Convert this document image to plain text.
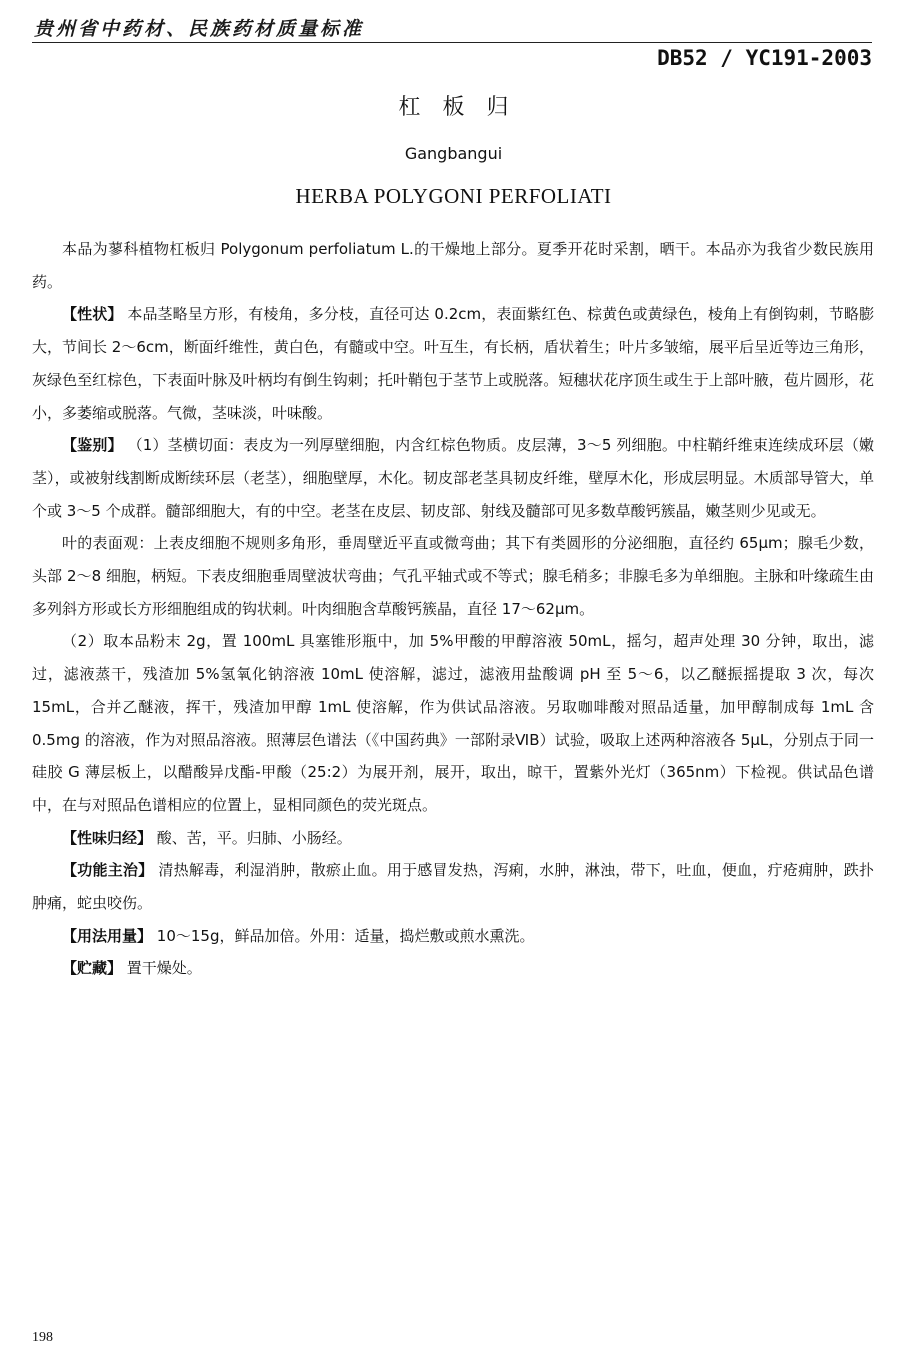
贵州省中药材、民族药材质量标准
DB52 / YC191-2003
杠板归
Gangbangui
HERBA POLYGONI PERFOLIATI

本品为蓼科植物杠板归 Polygonum perfoliatum L.的干燥地上部分。夏季开花时采割，晒干。本品亦为我省少数民族用药。

【性状】 本品茎略呈方形，有棱角，多分枝，直径可达 0.2cm，表面紫红色、棕黄色或黄绿色，棱角上有倒钩刺，节略膨大，节间长 2～6cm，断面纤维性，黄白色，有髓或中空。叶互生，有长柄，盾状着生；叶片多皱缩，展平后呈近等边三角形，灰绿色至红棕色，下表面叶脉及叶柄均有倒生钩刺；托叶鞘包于茎节上或脱落。短穗状花序顶生或生于上部叶腋，苞片圆形，花小，多萎缩或脱落。气微，茎味淡，叶味酸。

【鉴别】 （1）茎横切面：表皮为一列厚壁细胞，内含红棕色物质。皮层薄，3～5 列细胞。中柱鞘纤维束连续成环层（嫩茎），或被射线割断成断续环层（老茎），细胞壁厚，木化。韧皮部老茎具韧皮纤维，壁厚木化，形成层明显。木质部导管大，单个或 3～5 个成群。髓部细胞大，有的中空。老茎在皮层、韧皮部、射线及髓部可见多数草酸钙簇晶，嫩茎则少见或无。

叶的表面观：上表皮细胞不规则多角形，垂周壁近平直或微弯曲；其下有类圆形的分泌细胞，直径约 65μm；腺毛少数，头部 2～8 细胞，柄短。下表皮细胞垂周壁波状弯曲；气孔平轴式或不等式；腺毛稍多；非腺毛多为单细胞。主脉和叶缘疏生由多列斜方形或长方形细胞组成的钩状刺。叶肉细胞含草酸钙簇晶，直径 17～62μm。

（2）取本品粉末 2g，置 100mL 具塞锥形瓶中，加 5%甲酸的甲醇溶液 50mL，摇匀，超声处理 30 分钟，取出，滤过，滤液蒸干，残渣加 5%氢氧化钠溶液 10mL 使溶解，滤过，滤液用盐酸调 pH 至 5～6，以乙醚振摇提取 3 次，每次 15mL，合并乙醚液，挥干，残渣加甲醇 1mL 使溶解，作为供试品溶液。另取咖啡酸对照品适量，加甲醇制成每 1mL 含 0.5mg 的溶液，作为对照品溶液。照薄层色谱法（《中国药典》一部附录ⅥB）试验，吸取上述两种溶液各 5μL，分别点于同一硅胶 G 薄层板上，以醋酸异戊酯-甲酸（25:2）为展开剂，展开，取出，晾干，置紫外光灯（365nm）下检视。供试品色谱中，在与对照品色谱相应的位置上，显相同颜色的荧光斑点。

【性味归经】 酸、苦，平。归肺、小肠经。

【功能主治】 清热解毒，利湿消肿，散瘀止血。用于感冒发热，泻痢，水肿，淋浊，带下，吐血，便血，疔疮痈肿，跌扑肿痛，蛇虫咬伤。

【用法用量】 10～15g，鲜品加倍。外用：适量，捣烂敷或煎水熏洗。

【贮藏】 置干燥处。

198
